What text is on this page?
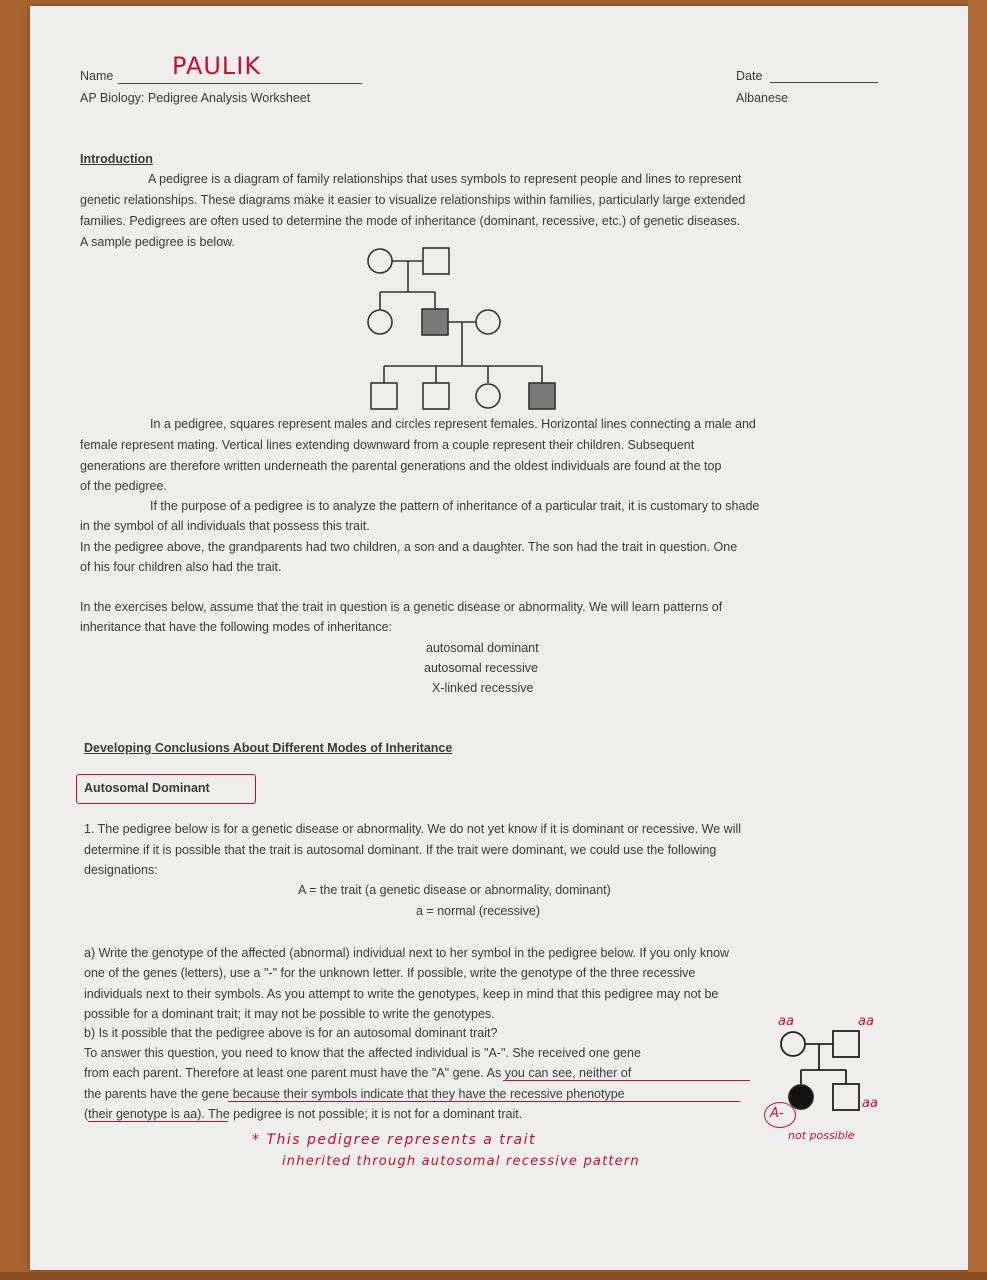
Name PAULIK	Date
AP Biology: Pedigree Analysis Worksheet	Albanese
Introduction
A pedigree is a diagram of family relationships that uses symbols to represent people and lines to represent
genetic relationships. These diagrams make it easier to visualize relationships within families, particularly large extended
families. Pedigrees are often used to determine the mode of inheritance (dominant, recessive, etc.) of genetic diseases.
A sample pedigree is below.
In a pedigree, squares represent males and circles represent females. Horizontal lines connecting a male and
female represent mating. Vertical lines extending downward from a couple represent their children. Subsequent
generations are therefore written underneath the parental generations and the oldest individuals are found at the top
of the pedigree.
If the purpose of a pedigree is to analyze the pattern of inheritance of a particular trait, it is customary to shade
in the symbol of all individuals that possess this trait.
In the pedigree above, the grandparents had two children, a son and a daughter. The son had the trait in question. One
of his four children also had the trait.
In the exercises below, assume that the trait in question is a genetic disease or abnormality. We will learn patterns of
inheritance that have the following modes of inheritance:
autosomal dominant
autosomal recessive
X-linked recessive
Developing Conclusions About Different Modes of Inheritance
Autosomal Dominant
1. The pedigree below is for a genetic disease or abnormality. We do not yet know if it is dominant or recessive. We will
determine if it is possible that the trait is autosomal dominant. If the trait were dominant, we could use the following
designations:
A = the trait (a genetic disease or abnormality, dominant)
a = normal (recessive)
a) Write the genotype of the affected (abnormal) individual next to her symbol in the pedigree below. If you only know
one of the genes (letters), use a "-" for the unknown letter. If possible, write the genotype of the three recessive
individuals next to their symbols. As you attempt to write the genotypes, keep in mind that this pedigree may not be
possible for a dominant trait; it may not be possible to write the genotypes.
b) Is it possible that the pedigree above is for an autosomal dominant trait?
To answer this question, you need to know that the affected individual is "A-". She received one gene
from each parent. Therefore at least one parent must have the "A" gene. As you can see, neither of
the parents have the gene because their symbols indicate that they have the recessive phenotype
(their genotype is aa). The pedigree is not possible; it is not for a dominant trait.
aa	aa
aa
A-
not possible
* This pedigree represents a trait
inherited through autosomal recessive pattern
